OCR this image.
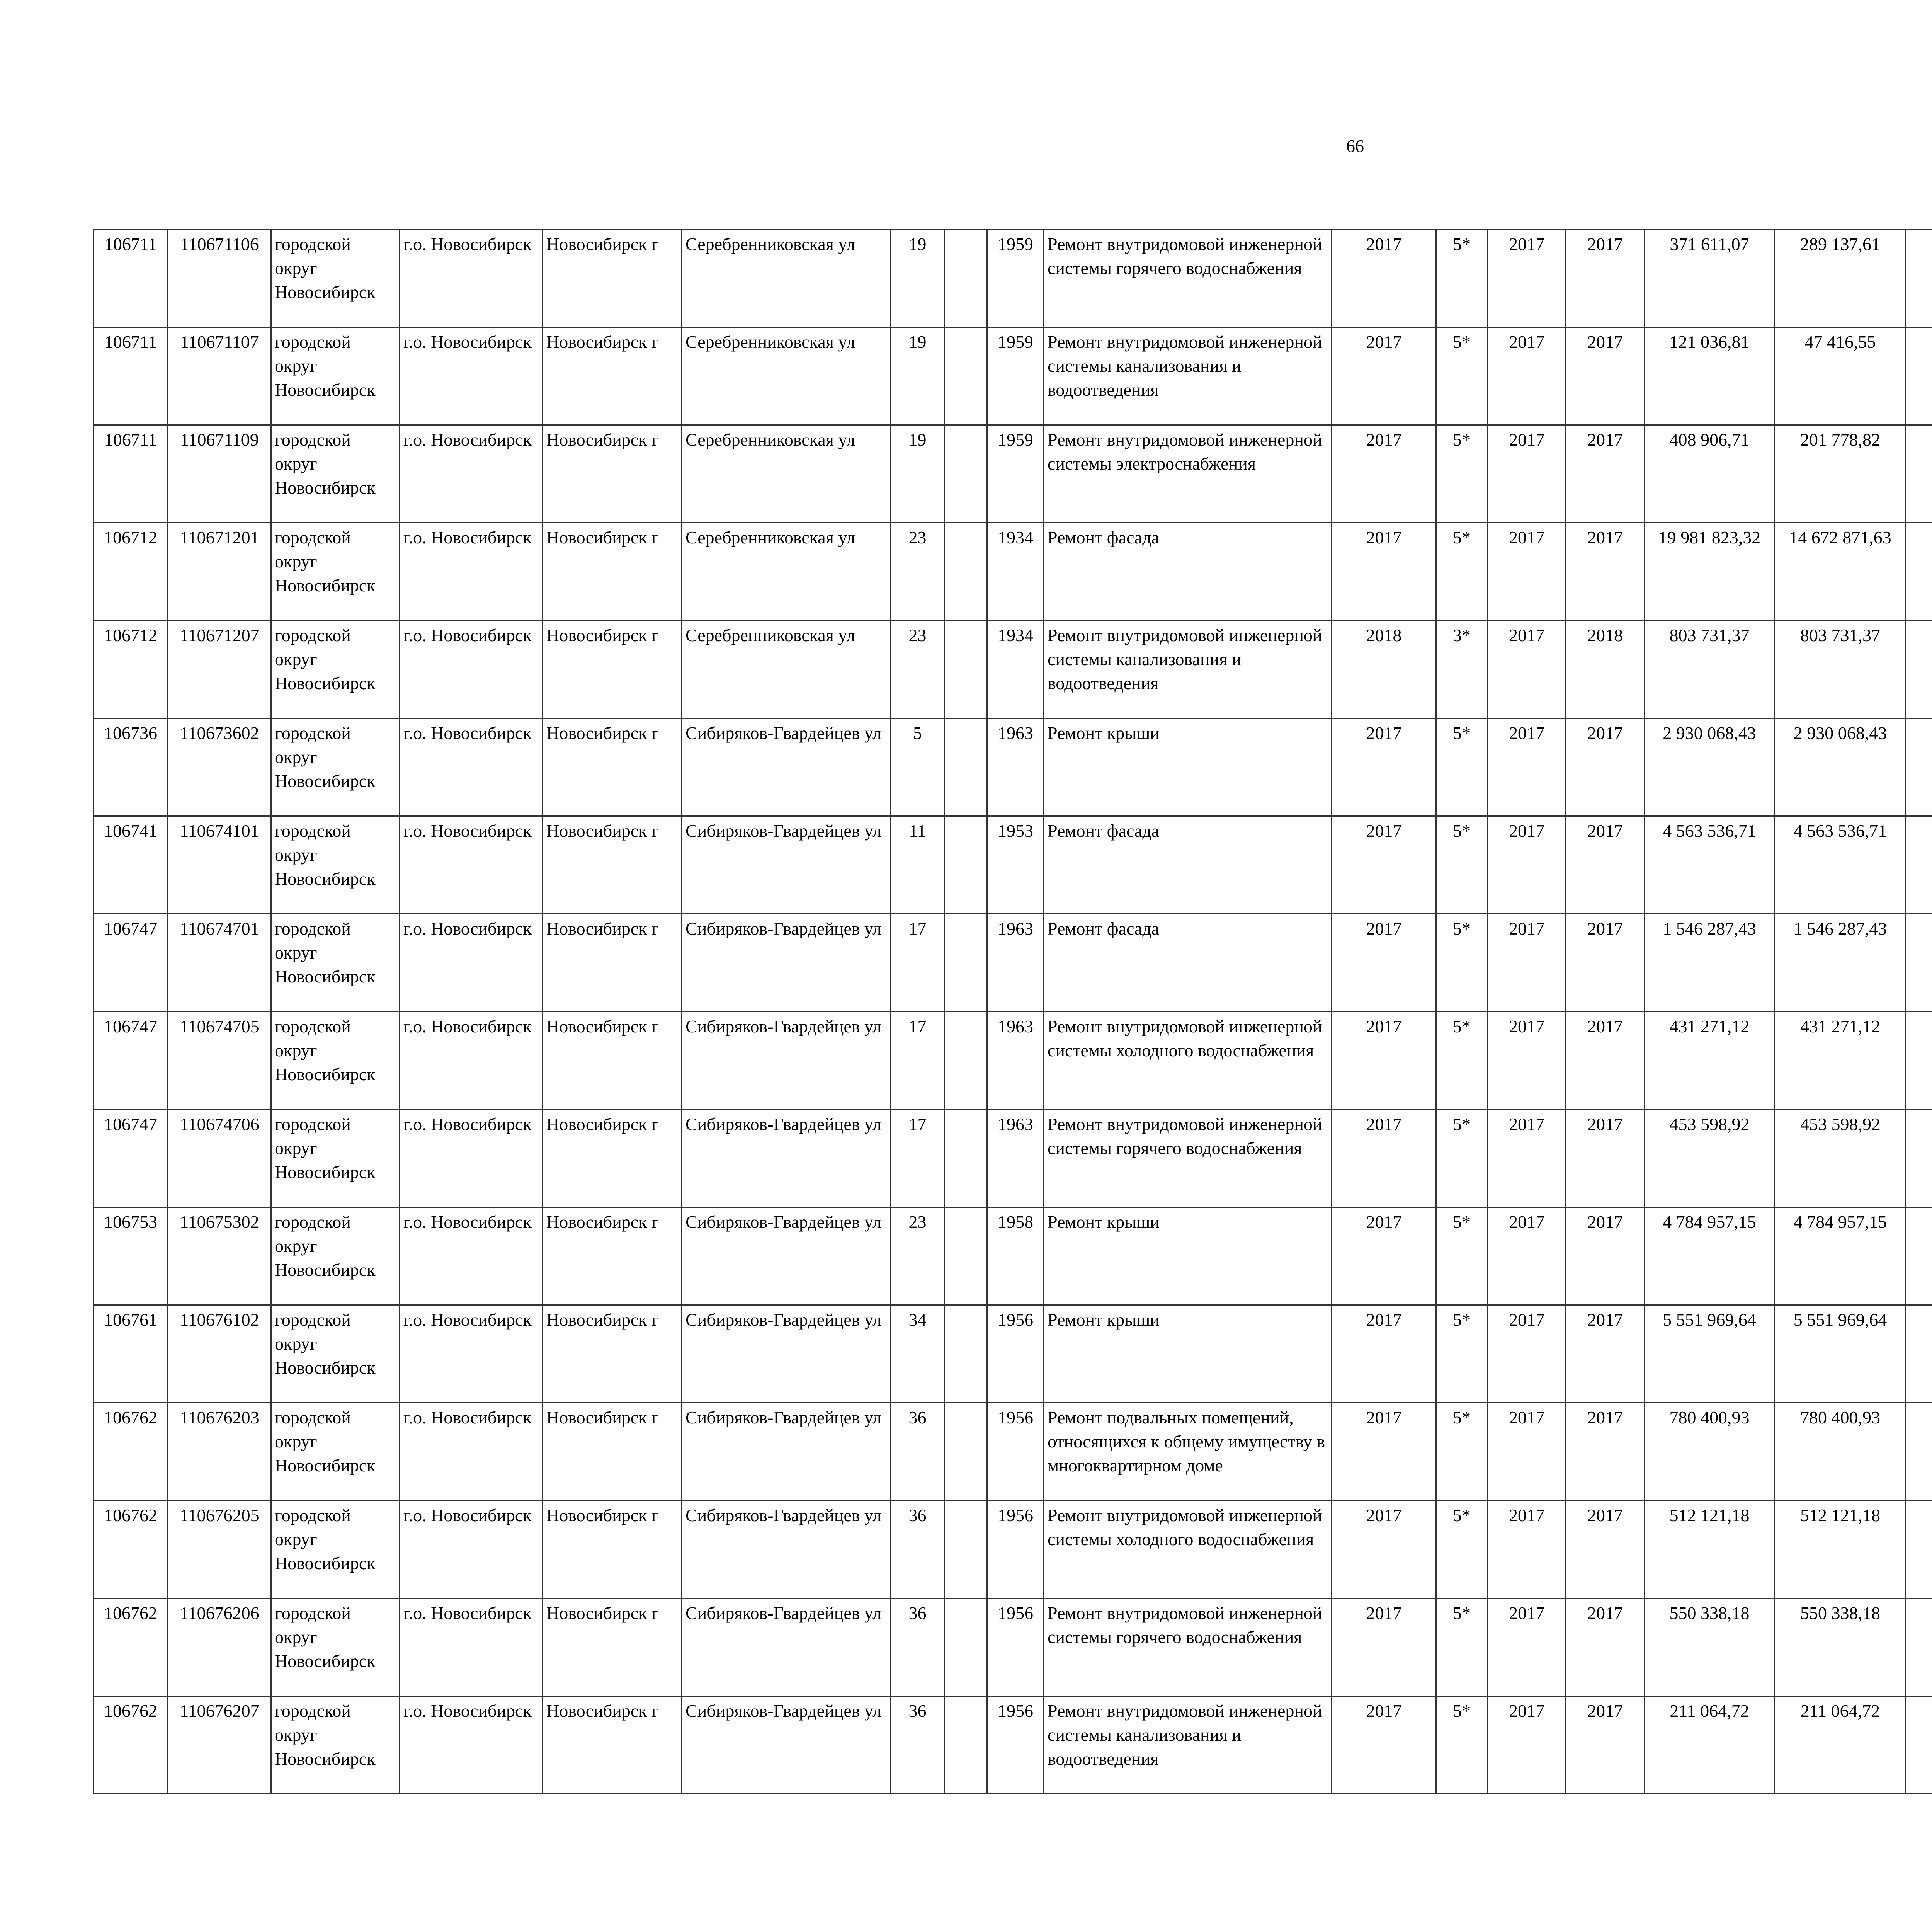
66
106711	110671106	городской округ Новосибирск	г.о. Новосибирск	Новосибирск г	Серебренниковская ул	19		1959	Ремонт внутридомовой инженерной системы горячего водоснабжения	2017	5*	2017	2017	371 611,07	289 137,61						
106711	110671107	городской округ Новосибирск	г.о. Новосибирск	Новосибирск г	Серебренниковская ул	19		1959	Ремонт внутридомовой инженерной системы канализования и водоотведения	2017	5*	2017	2017	121 036,81	47 416,55						
106711	110671109	городской округ Новосибирск	г.о. Новосибирск	Новосибирск г	Серебренниковская ул	19		1959	Ремонт внутридомовой инженерной системы электроснабжения	2017	5*	2017	2017	408 906,71	201 778,82						
106712	110671201	городской округ Новосибирск	г.о. Новосибирск	Новосибирск г	Серебренниковская ул	23		1934	Ремонт фасада	2017	5*	2017	2017	19 981 823,32	14 672 871,63						
106712	110671207	городской округ Новосибирск	г.о. Новосибирск	Новосибирск г	Серебренниковская ул	23		1934	Ремонт внутридомовой инженерной системы канализования и водоотведения	2018	3*	2017	2018	803 731,37	803 731,37						
106736	110673602	городской округ Новосибирск	г.о. Новосибирск	Новосибирск г	Сибиряков-Гвардейцев ул	5		1963	Ремонт крыши	2017	5*	2017	2017	2 930 068,43	2 930 068,43						
106741	110674101	городской округ Новосибирск	г.о. Новосибирск	Новосибирск г	Сибиряков-Гвардейцев ул	11		1953	Ремонт фасада	2017	5*	2017	2017	4 563 536,71	4 563 536,71						
106747	110674701	городской округ Новосибирск	г.о. Новосибирск	Новосибирск г	Сибиряков-Гвардейцев ул	17		1963	Ремонт фасада	2017	5*	2017	2017	1 546 287,43	1 546 287,43						
106747	110674705	городской округ Новосибирск	г.о. Новосибирск	Новосибирск г	Сибиряков-Гвардейцев ул	17		1963	Ремонт внутридомовой инженерной системы холодного водоснабжения	2017	5*	2017	2017	431 271,12	431 271,12						
106747	110674706	городской округ Новосибирск	г.о. Новосибирск	Новосибирск г	Сибиряков-Гвардейцев ул	17		1963	Ремонт внутридомовой инженерной системы горячего водоснабжения	2017	5*	2017	2017	453 598,92	453 598,92						
106753	110675302	городской округ Новосибирск	г.о. Новосибирск	Новосибирск г	Сибиряков-Гвардейцев ул	23		1958	Ремонт крыши	2017	5*	2017	2017	4 784 957,15	4 784 957,15						
106761	110676102	городской округ Новосибирск	г.о. Новосибирск	Новосибирск г	Сибиряков-Гвардейцев ул	34		1956	Ремонт крыши	2017	5*	2017	2017	5 551 969,64	5 551 969,64						
106762	110676203	городской округ Новосибирск	г.о. Новосибирск	Новосибирск г	Сибиряков-Гвардейцев ул	36		1956	Ремонт подвальных помещений, относящихся к общему имуществу в многоквартирном доме	2017	5*	2017	2017	780 400,93	780 400,93						
106762	110676205	городской округ Новосибирск	г.о. Новосибирск	Новосибирск г	Сибиряков-Гвардейцев ул	36		1956	Ремонт внутридомовой инженерной системы холодного водоснабжения	2017	5*	2017	2017	512 121,18	512 121,18						
106762	110676206	городской округ Новосибирск	г.о. Новосибирск	Новосибирск г	Сибиряков-Гвардейцев ул	36		1956	Ремонт внутридомовой инженерной системы горячего водоснабжения	2017	5*	2017	2017	550 338,18	550 338,18						
106762	110676207	городской округ Новосибирск	г.о. Новосибирск	Новосибирск г	Сибиряков-Гвардейцев ул	36		1956	Ремонт внутридомовой инженерной системы канализования и водоотведения	2017	5*	2017	2017	211 064,72	211 064,72						
